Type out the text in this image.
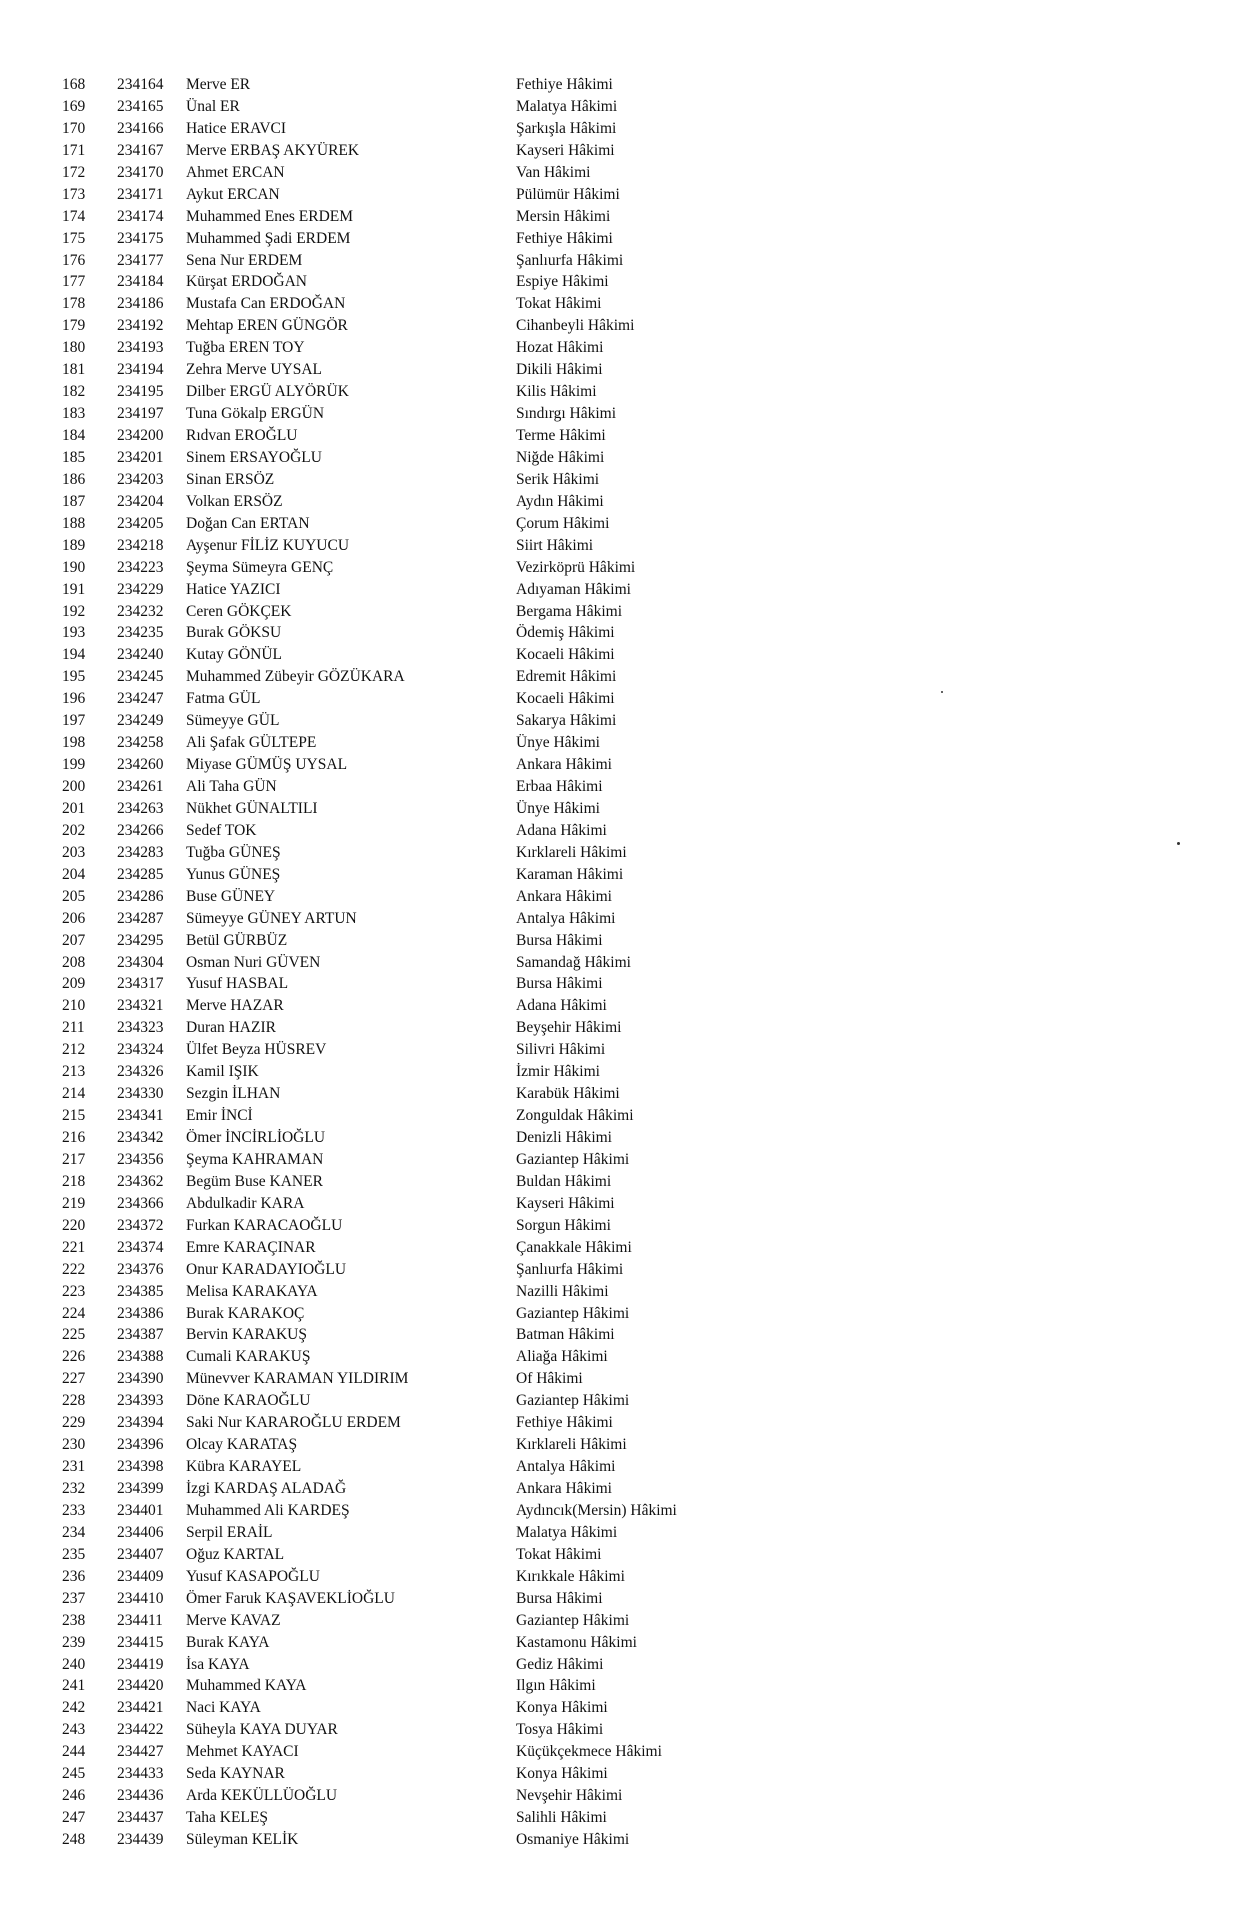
168	234164	Merve ER	Fethiye Hâkimi
169	234165	Ünal ER	Malatya Hâkimi
170	234166	Hatice ERAVCI	Şarkışla Hâkimi
171	234167	Merve ERBAŞ AKYÜREK	Kayseri Hâkimi
172	234170	Ahmet ERCAN	Van Hâkimi
173	234171	Aykut ERCAN	Pülümür Hâkimi
174	234174	Muhammed Enes ERDEM	Mersin Hâkimi
175	234175	Muhammed Şadi ERDEM	Fethiye Hâkimi
176	234177	Sena Nur ERDEM	Şanlıurfa Hâkimi
177	234184	Kürşat ERDOĞAN	Espiye Hâkimi
178	234186	Mustafa Can ERDOĞAN	Tokat Hâkimi
179	234192	Mehtap EREN GÜNGÖR	Cihanbeyli Hâkimi
180	234193	Tuğba EREN TOY	Hozat Hâkimi
181	234194	Zehra Merve UYSAL	Dikili Hâkimi
182	234195	Dilber ERGÜ ALYÖRÜK	Kilis Hâkimi
183	234197	Tuna Gökalp ERGÜN	Sındırgı Hâkimi
184	234200	Rıdvan EROĞLU	Terme Hâkimi
185	234201	Sinem ERSAYOĞLU	Niğde Hâkimi
186	234203	Sinan ERSÖZ	Serik Hâkimi
187	234204	Volkan ERSÖZ	Aydın Hâkimi
188	234205	Doğan Can ERTAN	Çorum Hâkimi
189	234218	Ayşenur FİLİZ KUYUCU	Siirt Hâkimi
190	234223	Şeyma Sümeyra GENÇ	Vezirköprü Hâkimi
191	234229	Hatice YAZICI	Adıyaman Hâkimi
192	234232	Ceren GÖKÇEK	Bergama Hâkimi
193	234235	Burak GÖKSU	Ödemiş Hâkimi
194	234240	Kutay GÖNÜL	Kocaeli Hâkimi
195	234245	Muhammed Zübeyir GÖZÜKARA	Edremit Hâkimi
196	234247	Fatma GÜL	Kocaeli Hâkimi
197	234249	Sümeyye GÜL	Sakarya Hâkimi
198	234258	Ali Şafak GÜLTEPE	Ünye Hâkimi
199	234260	Miyase GÜMÜŞ UYSAL	Ankara Hâkimi
200	234261	Ali Taha GÜN	Erbaa Hâkimi
201	234263	Nükhet GÜNALTILI	Ünye Hâkimi
202	234266	Sedef TOK	Adana Hâkimi
203	234283	Tuğba GÜNEŞ	Kırklareli Hâkimi
204	234285	Yunus GÜNEŞ	Karaman Hâkimi
205	234286	Buse GÜNEY	Ankara Hâkimi
206	234287	Sümeyye GÜNEY ARTUN	Antalya Hâkimi
207	234295	Betül GÜRBÜZ	Bursa Hâkimi
208	234304	Osman Nuri GÜVEN	Samandağ Hâkimi
209	234317	Yusuf HASBAL	Bursa Hâkimi
210	234321	Merve HAZAR	Adana Hâkimi
211	234323	Duran HAZIR	Beyşehir Hâkimi
212	234324	Ülfet Beyza HÜSREV	Silivri Hâkimi
213	234326	Kamil IŞIK	İzmir Hâkimi
214	234330	Sezgin İLHAN	Karabük Hâkimi
215	234341	Emir İNCİ	Zonguldak Hâkimi
216	234342	Ömer İNCİRLİOĞLU	Denizli Hâkimi
217	234356	Şeyma KAHRAMAN	Gaziantep Hâkimi
218	234362	Begüm Buse KANER	Buldan Hâkimi
219	234366	Abdulkadir KARA	Kayseri Hâkimi
220	234372	Furkan KARACAOĞLU	Sorgun Hâkimi
221	234374	Emre KARAÇINAR	Çanakkale Hâkimi
222	234376	Onur KARADAYIOĞLU	Şanlıurfa Hâkimi
223	234385	Melisa KARAKAYA	Nazilli Hâkimi
224	234386	Burak KARAKOÇ	Gaziantep Hâkimi
225	234387	Bervin KARAKUŞ	Batman Hâkimi
226	234388	Cumali KARAKUŞ	Aliağa Hâkimi
227	234390	Münevver KARAMAN YILDIRIM	Of Hâkimi
228	234393	Döne KARAOĞLU	Gaziantep Hâkimi
229	234394	Saki Nur KARAROĞLU ERDEM	Fethiye Hâkimi
230	234396	Olcay KARATAŞ	Kırklareli Hâkimi
231	234398	Kübra KARAYEL	Antalya Hâkimi
232	234399	İzgi KARDAŞ ALADAĞ	Ankara Hâkimi
233	234401	Muhammed Ali KARDEŞ	Aydıncık(Mersin) Hâkimi
234	234406	Serpil ERAİL	Malatya Hâkimi
235	234407	Oğuz KARTAL	Tokat Hâkimi
236	234409	Yusuf KASAPOĞLU	Kırıkkale Hâkimi
237	234410	Ömer Faruk KAŞAVEKLİOĞLU	Bursa Hâkimi
238	234411	Merve KAVAZ	Gaziantep Hâkimi
239	234415	Burak KAYA	Kastamonu Hâkimi
240	234419	İsa KAYA	Gediz Hâkimi
241	234420	Muhammed KAYA	Ilgın Hâkimi
242	234421	Naci KAYA	Konya Hâkimi
243	234422	Süheyla KAYA DUYAR	Tosya Hâkimi
244	234427	Mehmet KAYACI	Küçükçekmece Hâkimi
245	234433	Seda KAYNAR	Konya Hâkimi
246	234436	Arda KEKÜLLÜOĞLU	Nevşehir Hâkimi
247	234437	Taha KELEŞ	Salihli Hâkimi
248	234439	Süleyman KELİK	Osmaniye Hâkimi
